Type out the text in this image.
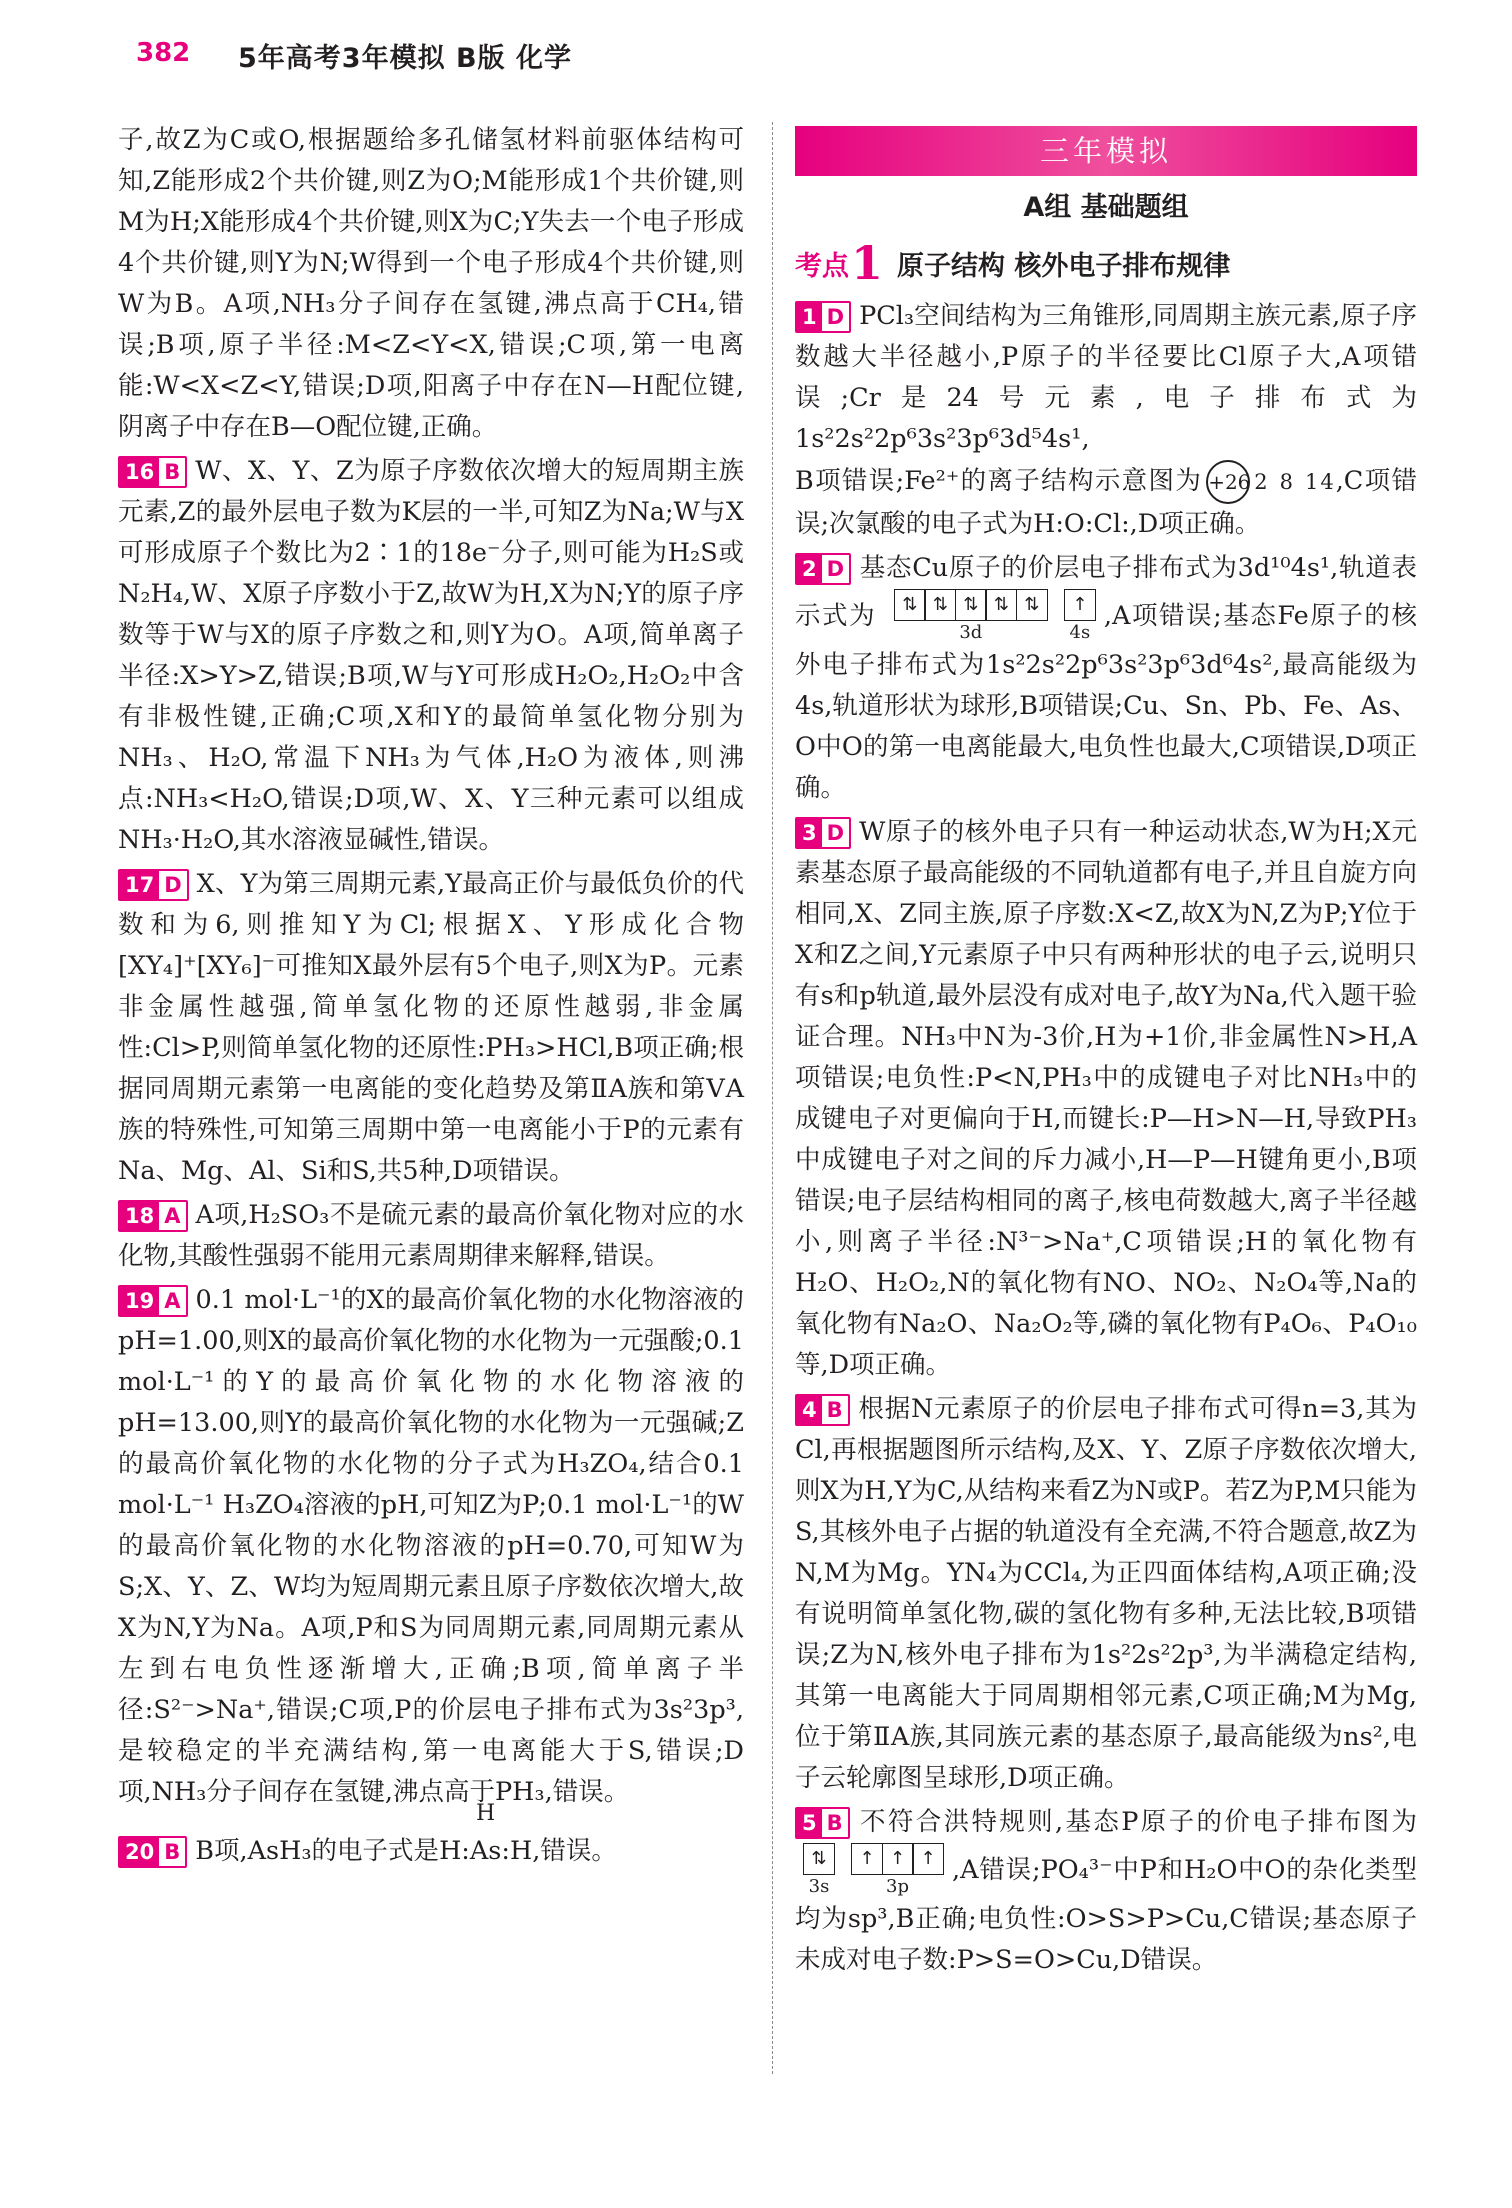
382 5年高考3年模拟 B版 化学

子,故Z为C或O,根据题给多孔储氢材料前驱体结构可知,Z能形成2个共价键,则Z为O;M能形成1个共价键,则M为H;X能形成4个共价键,则X为C;Y失去一个电子形成4个共价键,则Y为N;W得到一个电子形成4个共价键,则W为B。A项,NH₃分子间存在氢键,沸点高于CH₄,错误;B项,原子半径:M<Z<Y<X,错误;C项,第一电离能:W<X<Z<Y,错误;D项,阳离子中存在N—H配位键,阴离子中存在B—O配位键,正确。

16 B W、X、Y、Z为原子序数依次增大的短周期主族元素,Z的最外层电子数为K层的一半,可知Z为Na;W与X可形成原子个数比为2∶1的18e⁻分子,则可能为H₂S或N₂H₄,W、X原子序数小于Z,故W为H,X为N;Y的原子序数等于W与X的原子序数之和,则Y为O。A项,简单离子半径:X>Y>Z,错误;B项,W与Y可形成H₂O₂,H₂O₂中含有非极性键,正确;C项,X和Y的最简单氢化物分别为NH₃、H₂O,常温下NH₃为气体,H₂O为液体,则沸点:NH₃<H₂O,错误;D项,W、X、Y三种元素可以组成NH₃·H₂O,其水溶液显碱性,错误。

17 D X、Y为第三周期元素,Y最高正价与最低负价的代数和为6,则推知Y为Cl;根据X、Y形成化合物[XY₄]⁺[XY₆]⁻可推知X最外层有5个电子,则X为P。元素非金属性越强,简单氢化物的还原性越弱,非金属性:Cl>P,则简单氢化物的还原性:PH₃>HCl,B项正确;根据同周期元素第一电离能的变化趋势及第ⅡA族和第ⅤA族的特殊性,可知第三周期中第一电离能小于P的元素有Na、Mg、Al、Si和S,共5种,D项错误。

18 A A项,H₂SO₃不是硫元素的最高价氧化物对应的水化物,其酸性强弱不能用元素周期律来解释,错误。

19 A 0.1 mol·L⁻¹的X的最高价氧化物的水化物溶液的pH=1.00,则X的最高价氧化物的水化物为一元强酸;0.1 mol·L⁻¹的Y的最高价氧化物的水化物溶液的pH=13.00,则Y的最高价氧化物的水化物为一元强碱;Z的最高价氧化物的水化物的分子式为H₃ZO₄,结合0.1 mol·L⁻¹ H₃ZO₄溶液的pH,可知Z为P;0.1 mol·L⁻¹的W的最高价氧化物的水化物溶液的pH=0.70,可知W为S;X、Y、Z、W均为短周期元素且原子序数依次增大,故X为N,Y为Na。A项,P和S为同周期元素,同周期元素从左到右电负性逐渐增大,正确;B项,简单离子半径:S²⁻>Na⁺,错误;C项,P的价层电子排布式为3s²3p³,是较稳定的半充满结构,第一电离能大于S,错误;D项,NH₃分子间存在氢键,沸点高于PH₃,错误。

20 B B项,AsH₃的电子式是
H
H:As:H,错误。

三年模拟
A组 基础题组
考点1 原子结构 核外电子排布规律

1 D PCl₃空间结构为三角锥形,同周期主族元素,原子序数越大半径越小,P原子的半径要比Cl原子大,A项错误;Cr是24号元素,电子排布式为1s²2s²2p⁶3s²3p⁶3d⁵4s¹,
B项错误;Fe²⁺的离子结构示意图为 +26 2 8 14,C项错误;次氯酸的电子式为H:O:Cl:,D项正确。

2 D 基态Cu原子的价层电子排布式为3d¹⁰4s¹,轨道表示式为	⇅ ⇅ ⇅ ⇅ ⇅
3d
↑
4s
,A项错误;基态Fe原子的核外电子排布式为1s²2s²2p⁶3s²3p⁶3d⁶4s²,最高能级为4s,轨道形状为球形,B项错误;Cu、Sn、Pb、Fe、As、O中O的第一电离能最大,电负性也最大,C项错误,D项正确。

3 D W原子的核外电子只有一种运动状态,W为H;X元素基态原子最高能级的不同轨道都有电子,并且自旋方向相同,X、Z同主族,原子序数:X<Z,故X为N,Z为P;Y位于X和Z之间,Y元素原子中只有两种形状的电子云,说明只有s和p轨道,最外层没有成对电子,故Y为Na,代入题干验证合理。NH₃中N为-3价,H为+1价,非金属性N>H,A项错误;电负性:P<N,PH₃中的成键电子对比NH₃中的成键电子对更偏向于H,而键长:P—H>N—H,导致PH₃中成键电子对之间的斥力减小,H—P—H键角更小,B项错误;电子层结构相同的离子,核电荷数越大,离子半径越小,则离子半径:N³⁻>Na⁺,C项错误;H的氧化物有H₂O、H₂O₂,N的氧化物有NO、NO₂、N₂O₄等,Na的氧化物有Na₂O、Na₂O₂等,磷的氧化物有P₄O₆、P₄O₁₀等,D项正确。

4 B 根据N元素原子的价层电子排布式可得n=3,其为Cl,再根据题图所示结构,及X、Y、Z原子序数依次增大,则X为H,Y为C,从结构来看Z为N或P。若Z为P,M只能为S,其核外电子占据的轨道没有全充满,不符合题意,故Z为N,M为Mg。YN₄为CCl₄,为正四面体结构,A项正确;没有说明简单氢化物,碳的氢化物有多种,无法比较,B项错误;Z为N,核外电子排布为1s²2s²2p³,为半满稳定结构,其第一电离能大于同周期相邻元素,C项正确;M为Mg,位于第ⅡA族,其同族元素的基态原子,最高能级为ns²,电子云轮廓图呈球形,D项正确。

5 B 不符合洪特规则,基态P原子的价电子排布图为
⇅
3s
↑ ↑ ↑
3p
,A错误;PO₄³⁻中P和H₂O中O的杂化类型均为sp³,B正确;电负性:O>S>P>Cu,C错误;基态原子未成对电子数:P>S=O>Cu,D错误。
